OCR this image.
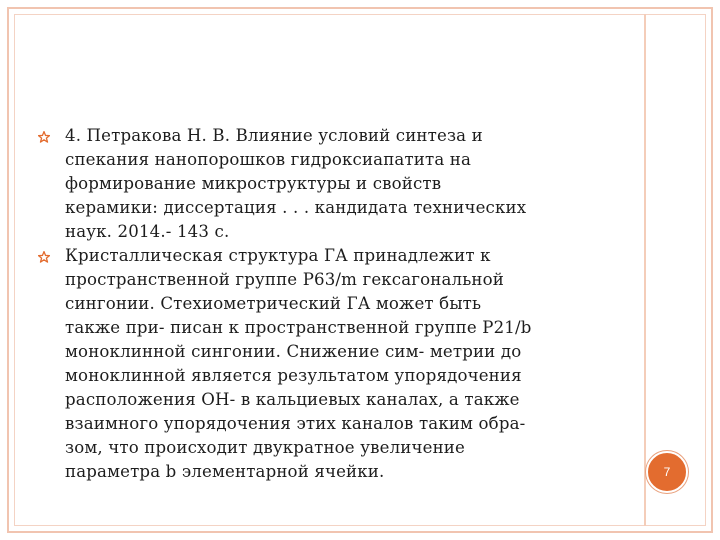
4. Петракова Н. В. Влияние условий синтеза и
спекания нанопорошков гидроксиапатита на
формирование микроструктуры и свойств
керамики: диссертация . . . кандидата технических
наук. 2014.- 143 с.
Кристаллическая структура ГА принадлежит к
пространственной группе P63/m гексагональной
сингонии. Стехиометрический ГА может быть
также при- писан к пространственной группе P21/b
моноклинной сингонии. Снижение сим- метрии до
моноклинной является результатом упорядочения
расположения ОН- в кальциевых каналах, а также
взаимного упорядочения этих каналов таким обра-
зом, что происходит двукратное увеличение
параметра b элементарной ячейки.	7
